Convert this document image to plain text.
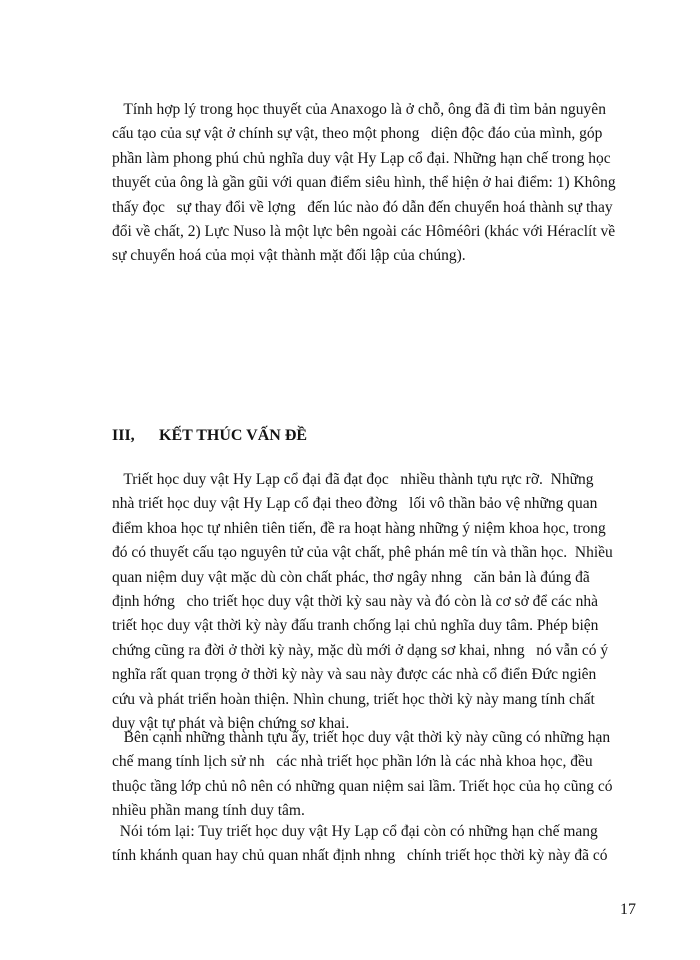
Tính hợp lý trong học thuyết của Anaxogo là ở chỗ, ông đã đi tìm bản nguyên
cấu tạo của sự vật ở chính sự vật, theo một phong   diện độc đáo của mình, góp
phần làm phong phú chủ nghĩa duy vật Hy Lạp cổ đại. Những hạn chế trong học
thuyết của ông là gần gũi với quan điểm siêu hình, thể hiện ở hai điểm: 1) Không
thấy đọc   sự thay đổi về lợng   đến lúc nào đó dẫn đến chuyển hoá thành sự thay
đổi về chất, 2) Lực Nuso là một lực bên ngoài các Hôméôri (khác với Héraclít về
sự chuyển hoá của mọi vật thành mặt đối lập của chúng).

III, KẾT THÚC VẤN ĐỀ

Triết học duy vật Hy Lạp cổ đại đã đạt đọc   nhiều thành tựu rực rỡ.  Những
nhà triết học duy vật Hy Lạp cổ đại theo đờng   lối vô thần bảo vệ những quan
điểm khoa học tự nhiên tiên tiến, đề ra hoạt hàng những ý niệm khoa học, trong
đó có thuyết cấu tạo nguyên tử của vật chất, phê phán mê tín và thần học.  Nhiều
quan niệm duy vật mặc dù còn chất phác, thơ ngây nhng   căn bản là đúng đã
định hớng   cho triết học duy vật thời kỳ sau này và đó còn là cơ sở để các nhà
triết học duy vật thời kỳ này đấu tranh chống lại chủ nghĩa duy tâm. Phép biện
chứng cũng ra đời ở thời kỳ này, mặc dù mới ở dạng sơ khai, nhng   nó vẫn có ý
nghĩa rất quan trọng ở thời kỳ này và sau này được các nhà cổ điển Đức ngiên
cứu và phát triển hoàn thiện. Nhìn chung, triết học thời kỳ này mang tính chất
duy vật tự phát và biện chứng sơ khai.

Bên cạnh những thành tựu ấy, triết học duy vật thời kỳ này cũng có những hạn
chế mang tính lịch sử nh   các nhà triết học phần lớn là các nhà khoa học, đều
thuộc tầng lớp chủ nô nên có những quan niệm sai lầm. Triết học của họ cũng có
nhiều phần mang tính duy tâm.

Nói tóm lại: Tuy triết học duy vật Hy Lạp cổ đại còn có những hạn chế mang
tính khánh quan hay chủ quan nhất định nhng   chính triết học thời kỳ này đã có

17
